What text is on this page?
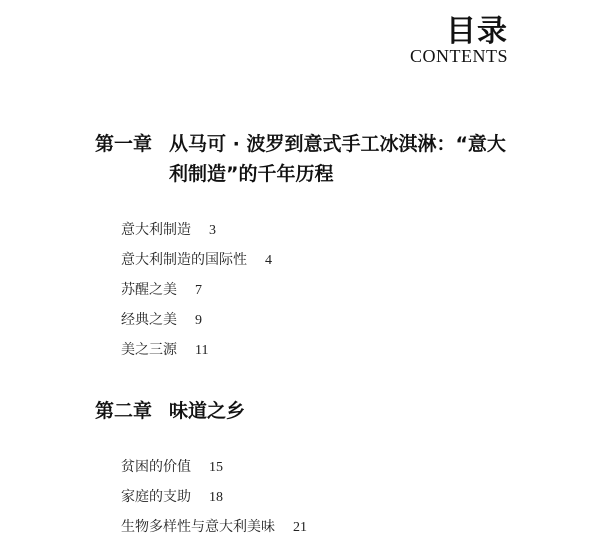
目录
CONTENTS
第一章 从马可 · 波罗到意式手工冰淇淋：“意大
利制造”的千年历程
意大利制造 3
意大利制造的国际性 4
苏醒之美 7
经典之美 9
美之三源 11
第二章 味道之乡
贫困的价值 15
家庭的支助 18
生物多样性与意大利美味 21
